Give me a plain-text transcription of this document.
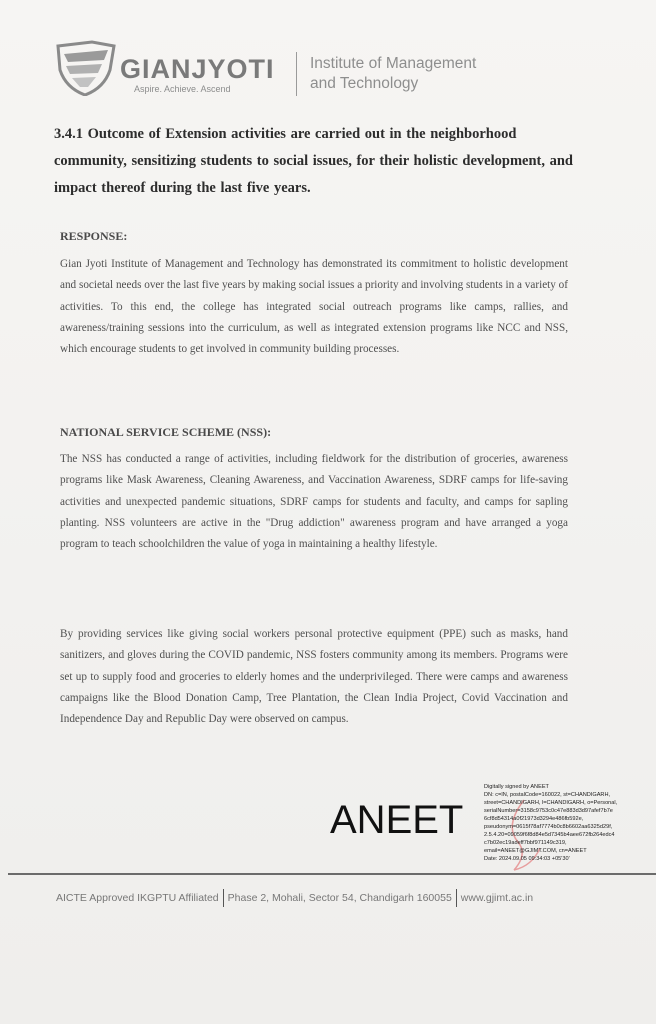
GIANJYOTI
Aspire. Achieve. Ascend
Institute of Management
and Technology
3.4.1 Outcome of Extension activities are carried out in the neighborhood community, sensitizing students to social issues, for their holistic development, and impact thereof during the last five years.
RESPONSE:
Gian Jyoti Institute of Management and Technology has demonstrated its commitment to holistic development and societal needs over the last five years by making social issues a priority and involving students in a variety of activities. To this end, the college has integrated social outreach programs like camps, rallies, and awareness/training sessions into the curriculum, as well as integrated extension programs like NCC and NSS, which encourage students to get involved in community building processes.
NATIONAL SERVICE SCHEME (NSS):
The NSS has conducted a range of activities, including fieldwork for the distribution of groceries, awareness programs like Mask Awareness, Cleaning Awareness, and Vaccination Awareness, SDRF camps for life-saving activities and unexpected pandemic situations, SDRF camps for students and faculty, and camps for sapling planting. NSS volunteers are active in the "Drug addiction" awareness program and have arranged a yoga program to teach schoolchildren the value of yoga in maintaining a healthy lifestyle.
By providing services like giving social workers personal protective equipment (PPE) such as masks, hand sanitizers, and gloves during the COVID pandemic, NSS fosters community among its members. Programs were set up to supply food and groceries to elderly homes and the underprivileged. There were camps and awareness campaigns like the Blood Donation Camp, Tree Plantation, the Clean India Project, Covid Vaccination and Independence Day and Republic Day were observed on campus.
ANEET
Digitally signed by ANEET
DN: c=IN, postalCode=160022, st=CHANDIGARH,
street=CHANDIGARH, l=CHANDIGARH, o=Personal,
serialNumber=3158c9753c0c47e883d3d97afef7b7e
6cf8d54314a0f21973d3294e486fb592e,
pseudonym=0615f78af7774b0c8b6602aa6325d29f,
2.5.4.20=09059f6f8d84e5d7345b4aee672fb264edc4
c7b02ec19adeff7bbf971149c319,
email=ANEET@GJIMT.COM, cn=ANEET
Date: 2024.09.05 09:34:03 +05'30'
AICTE Approved IKGPTU Affiliated Phase 2, Mohali, Sector 54, Chandigarh 160055 www.gjimt.ac.in
